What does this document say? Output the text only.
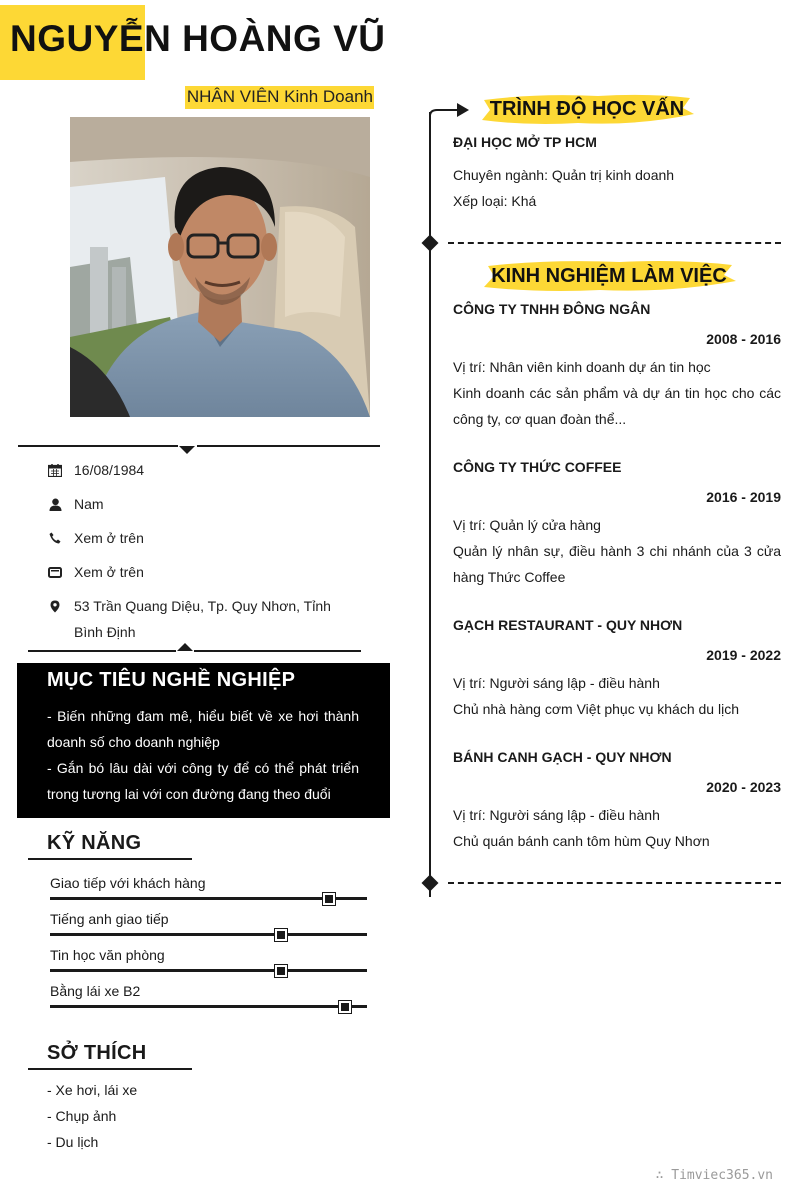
NGUYỄN HOÀNG VŨ
NHÂN VIÊN Kinh Doanh
16/08/1984
Nam
Xem ở trên
Xem ở trên
53 Trần Quang Diệu, Tp. Quy Nhơn, Tỉnh Bình Định
MỤC TIÊU NGHỀ NGHIỆP

- Biến những đam mê, hiểu biết về xe hơi thành doanh số cho doanh nghiệp

- Gắn bó lâu dài với công ty để có thể phát triển trong tương lai với con đường đang theo đuổi

KỸ NĂNG
Giao tiếp với khách hàng
Tiếng anh giao tiếp
Tin học văn phòng
Bằng lái xe B2
SỞ THÍCH
- Xe hơi, lái xe
- Chụp ảnh
- Du lịch
TRÌNH ĐỘ HỌC VẤN
ĐẠI HỌC MỞ TP HCM

Chuyên ngành: Quản trị kinh doanh

Xếp loại: Khá

KINH NGHIỆM LÀM VIỆC
CÔNG TY TNHH ĐÔNG NGÂN
2008 - 2016

Vị trí: Nhân viên kinh doanh dự án tin học

Kinh doanh các sản phẩm và dự án tin học cho các công ty, cơ quan đoàn thể...

CÔNG TY THỨC COFFEE
2016 - 2019

Vị trí: Quản lý cửa hàng

Quản lý nhân sự, điều hành 3 chi nhánh của 3 cửa hàng Thức Coffee

GẠCH RESTAURANT - QUY NHƠN
2019 - 2022

Vị trí: Người sáng lập - điều hành

Chủ nhà hàng cơm Việt phục vụ khách du lịch

BÁNH CANH GẠCH - QUY NHƠN
2020 - 2023

Vị trí: Người sáng lập - điều hành

Chủ quán bánh canh tôm hùm Quy Nhơn

∴ Timviec365.vn
